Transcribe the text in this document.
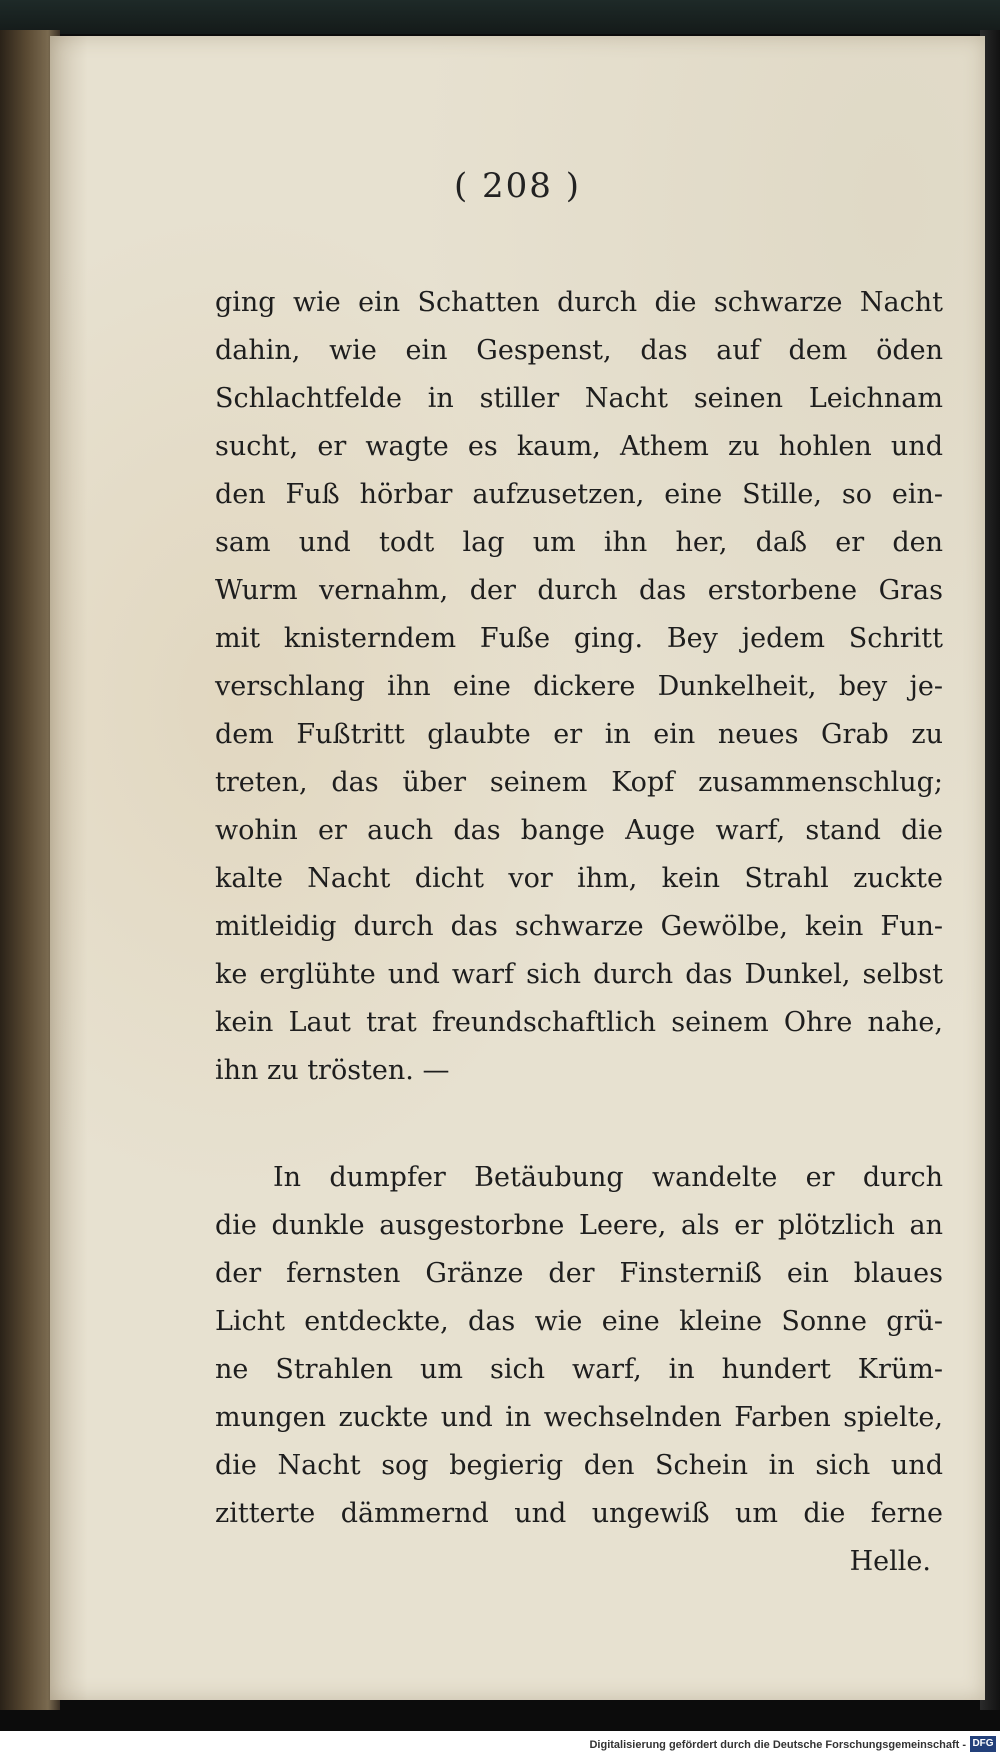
( 208 )
ging wie ein Schatten durch die schwarze Nacht
dahin, wie ein Gespenst, das auf dem öden
Schlachtfelde in stiller Nacht seinen Leichnam
sucht, er wagte es kaum, Athem zu hohlen und
den Fuß hörbar aufzusetzen, eine Stille, so ein-
sam und todt lag um ihn her, daß er den
Wurm vernahm, der durch das erstorbene Gras
mit knisterndem Fuße ging. Bey jedem Schritt
verschlang ihn eine dickere Dunkelheit, bey je-
dem Fußtritt glaubte er in ein neues Grab zu
treten, das über seinem Kopf zusammenschlug;
wohin er auch das bange Auge warf, stand die
kalte Nacht dicht vor ihm, kein Strahl zuckte
mitleidig durch das schwarze Gewölbe, kein Fun-
ke erglühte und warf sich durch das Dunkel, selbst
kein Laut trat freundschaftlich seinem Ohre nahe,
ihn zu trösten. —
In dumpfer Betäubung wandelte er durch
die dunkle ausgestorbne Leere, als er plötzlich an
der fernsten Gränze der Finsterniß ein blaues
Licht entdeckte, das wie eine kleine Sonne grü-
ne Strahlen um sich warf, in hundert Krüm-
mungen zuckte und in wechselnden Farben spielte,
die Nacht sog begierig den Schein in sich und
zitterte dämmernd und ungewiß um die ferne
Helle.
Digitalisierung gefördert durch die Deutsche Forschungsgemeinschaft - DFG
